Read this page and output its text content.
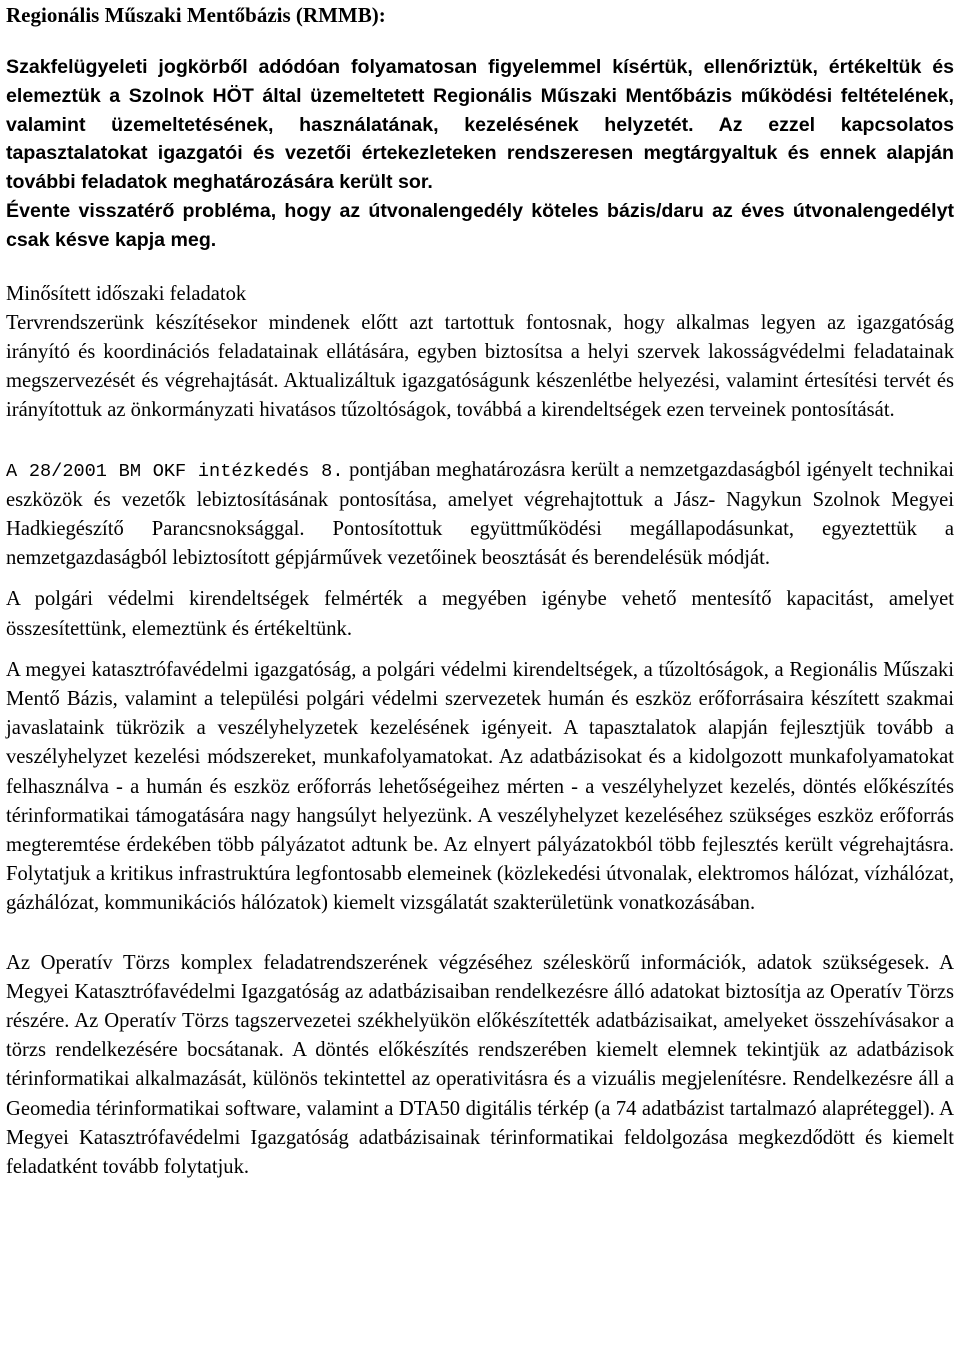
Regionális Műszaki Mentőbázis (RMMB):

Szakfelügyeleti jogkörből adódóan folyamatosan figyelemmel kísértük, ellenőriztük, értékeltük és elemeztük a Szolnok HÖT által üzemeltetett Regionális Műszaki Mentőbázis működési feltételének, valamint üzemeltetésének, használatának, kezelésének helyzetét. Az ezzel kapcsolatos tapasztalatokat igazgatói és vezetői értekezleteken rendszeresen megtárgyaltuk és ennek alapján további feladatok meghatározására került sor.

Évente visszatérő probléma, hogy az útvonalengedély köteles bázis/daru az éves útvonalengedélyt csak késve kapja meg.

Minősített időszaki feladatok

Tervrendszerünk készítésekor mindenek előtt azt tartottuk fontosnak, hogy alkalmas legyen az igazgatóság irányító és koordinációs feladatainak ellátására, egyben biztosítsa a helyi szervek lakosságvédelmi feladatainak megszervezését és végrehajtását. Aktualizáltuk igazgatóságunk készenlétbe helyezési, valamint értesítési tervét és irányítottuk az önkormányzati hivatásos tűzoltóságok, továbbá a kirendeltségek ezen terveinek pontosítását.

A 28/2001 BM OKF intézkedés 8. pontjában meghatározásra került a nemzetgazdaságból igényelt technikai eszközök és vezetők lebiztosításának pontosítása, amelyet végrehajtottuk a Jász- Nagykun Szolnok Megyei Hadkiegészítő Parancsnoksággal. Pontosítottuk együttműködési megállapodásunkat, egyeztettük a nemzetgazdaságból lebiztosított gépjárművek vezetőinek beosztását és berendelésük módját.

A polgári védelmi kirendeltségek felmérték a megyében igénybe vehető mentesítő kapacitást, amelyet összesítettünk, elemeztünk és értékeltünk.

A megyei katasztrófavédelmi igazgatóság, a polgári védelmi kirendeltségek, a tűzoltóságok, a Regionális Műszaki Mentő Bázis, valamint a települési polgári védelmi szervezetek humán és eszköz erőforrásaira készített szakmai javaslataink tükrözik a veszélyhelyzetek kezelésének igényeit. A tapasztalatok alapján fejlesztjük tovább a veszélyhelyzet kezelési módszereket, munkafolyamatokat. Az adatbázisokat és a kidolgozott munkafolyamatokat felhasználva - a humán és eszköz erőforrás lehetőségeihez mérten - a veszélyhelyzet kezelés, döntés előkészítés térinformatikai támogatására nagy hangsúlyt helyezünk. A veszélyhelyzet kezeléséhez szükséges eszköz erőforrás megteremtése érdekében több pályázatot adtunk be. Az elnyert pályázatokból több fejlesztés került végrehajtásra. Folytatjuk a kritikus infrastruktúra legfontosabb elemeinek (közlekedési útvonalak, elektromos hálózat, vízhálózat, gázhálózat, kommunikációs hálózatok) kiemelt vizsgálatát szakterületünk vonatkozásában.

Az Operatív Törzs komplex feladatrendszerének végzéséhez széleskörű információk, adatok szükségesek. A Megyei Katasztrófavédelmi Igazgatóság az adatbázisaiban rendelkezésre álló adatokat biztosítja az Operatív Törzs részére. Az Operatív Törzs tagszervezetei székhelyükön előkészítették adatbázisaikat, amelyeket összehívásakor a törzs rendelkezésére bocsátanak. A döntés előkészítés rendszerében kiemelt elemnek tekintjük az adatbázisok térinformatikai alkalmazását, különös tekintettel az operativitásra és a vizuális megjelenítésre. Rendelkezésre áll a Geomedia térinformatikai software, valamint a DTA50 digitális térkép (a 74 adatbázist tartalmazó alapréteggel). A Megyei Katasztrófavédelmi Igazgatóság adatbázisainak térinformatikai feldolgozása megkezdődött és kiemelt feladatként tovább folytatjuk.
